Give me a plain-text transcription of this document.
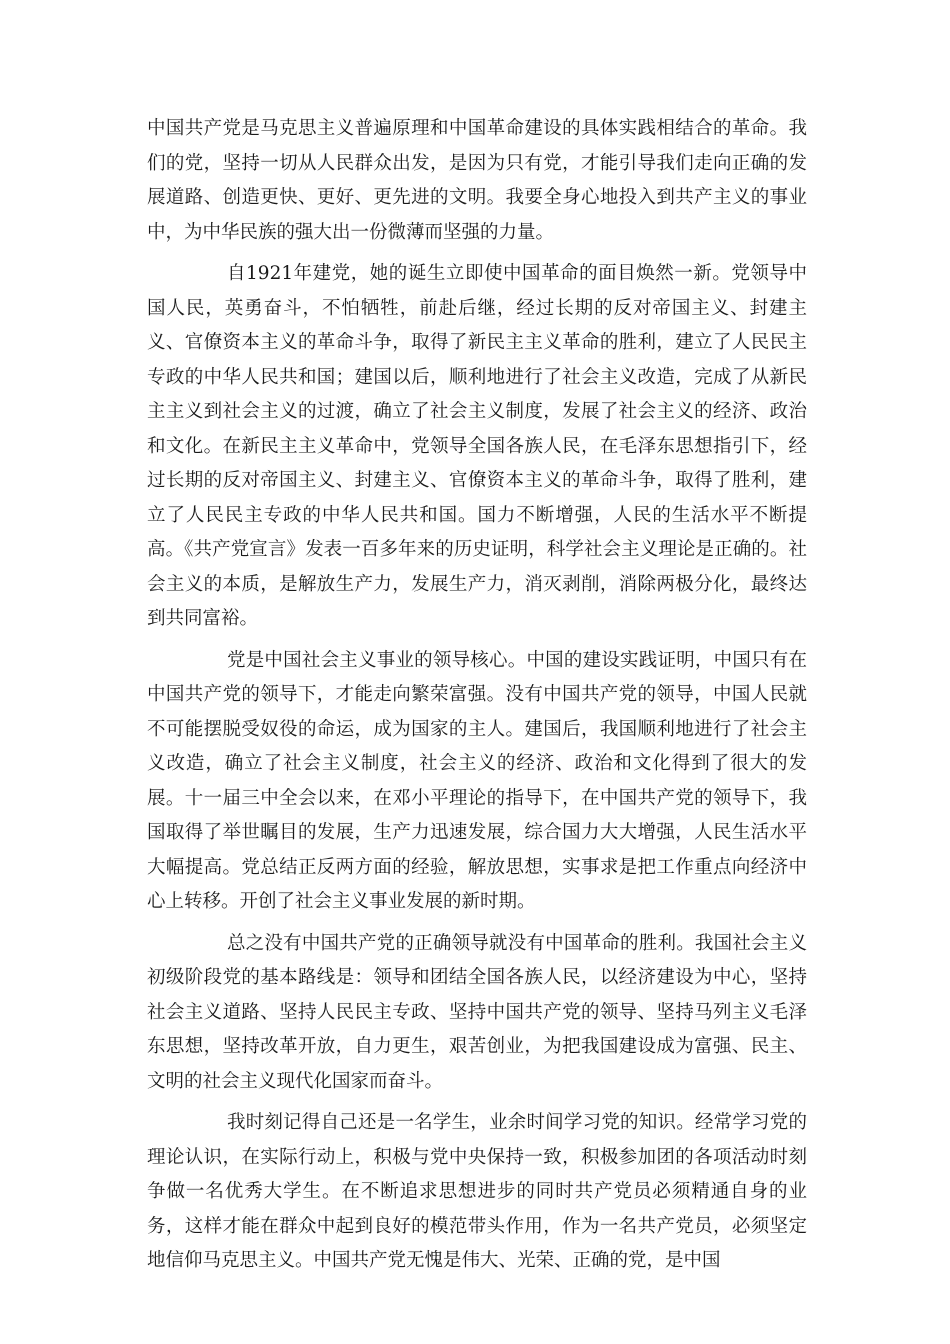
中国共产党是马克思主义普遍原理和中国革命建设的具体实践相结合的革命。我们的党，坚持一切从人民群众出发，是因为只有党，才能引导我们走向正确的发展道路、创造更快、更好、更先进的文明。我要全身心地投入到共产主义的事业中，为中华民族的强大出一份微薄而坚强的力量。

自1921年建党，她的诞生立即使中国革命的面目焕然一新。党领导中国人民，英勇奋斗，不怕牺牲，前赴后继，经过长期的反对帝国主义、封建主义、官僚资本主义的革命斗争，取得了新民主主义革命的胜利，建立了人民民主专政的中华人民共和国；建国以后，顺利地进行了社会主义改造，完成了从新民主主义到社会主义的过渡，确立了社会主义制度，发展了社会主义的经济、政治和文化。在新民主主义革命中，党领导全国各族人民，在毛泽东思想指引下，经过长期的反对帝国主义、封建主义、官僚资本主义的革命斗争，取得了胜利，建立了人民民主专政的中华人民共和国。国力不断增强，人民的生活水平不断提高。《共产党宣言》发表一百多年来的历史证明，科学社会主义理论是正确的。社会主义的本质，是解放生产力，发展生产力，消灭剥削，消除两极分化，最终达到共同富裕。

党是中国社会主义事业的领导核心。中国的建设实践证明，中国只有在中国共产党的领导下，才能走向繁荣富强。没有中国共产党的领导，中国人民就不可能摆脱受奴役的命运，成为国家的主人。建国后，我国顺利地进行了社会主义改造，确立了社会主义制度，社会主义的经济、政治和文化得到了很大的发展。十一届三中全会以来，在邓小平理论的指导下，在中国共产党的领导下，我国取得了举世瞩目的发展，生产力迅速发展，综合国力大大增强，人民生活水平大幅提高。党总结正反两方面的经验，解放思想，实事求是把工作重点向经济中心上转移。开创了社会主义事业发展的新时期。

总之没有中国共产党的正确领导就没有中国革命的胜利。我国社会主义初级阶段党的基本路线是：领导和团结全国各族人民，以经济建设为中心，坚持社会主义道路、坚持人民民主专政、坚持中国共产党的领导、坚持马列主义毛泽东思想，坚持改革开放，自力更生，艰苦创业，为把我国建设成为富强、民主、文明的社会主义现代化国家而奋斗。

我时刻记得自己还是一名学生，业余时间学习党的知识。经常学习党的理论认识，在实际行动上，积极与党中央保持一致，积极参加团的各项活动时刻争做一名优秀大学生。在不断追求思想进步的同时共产党员必须精通自身的业务，这样才能在群众中起到良好的模范带头作用，作为一名共产党员，必须坚定地信仰马克思主义。中国共产党无愧是伟大、光荣、正确的党，是中国
